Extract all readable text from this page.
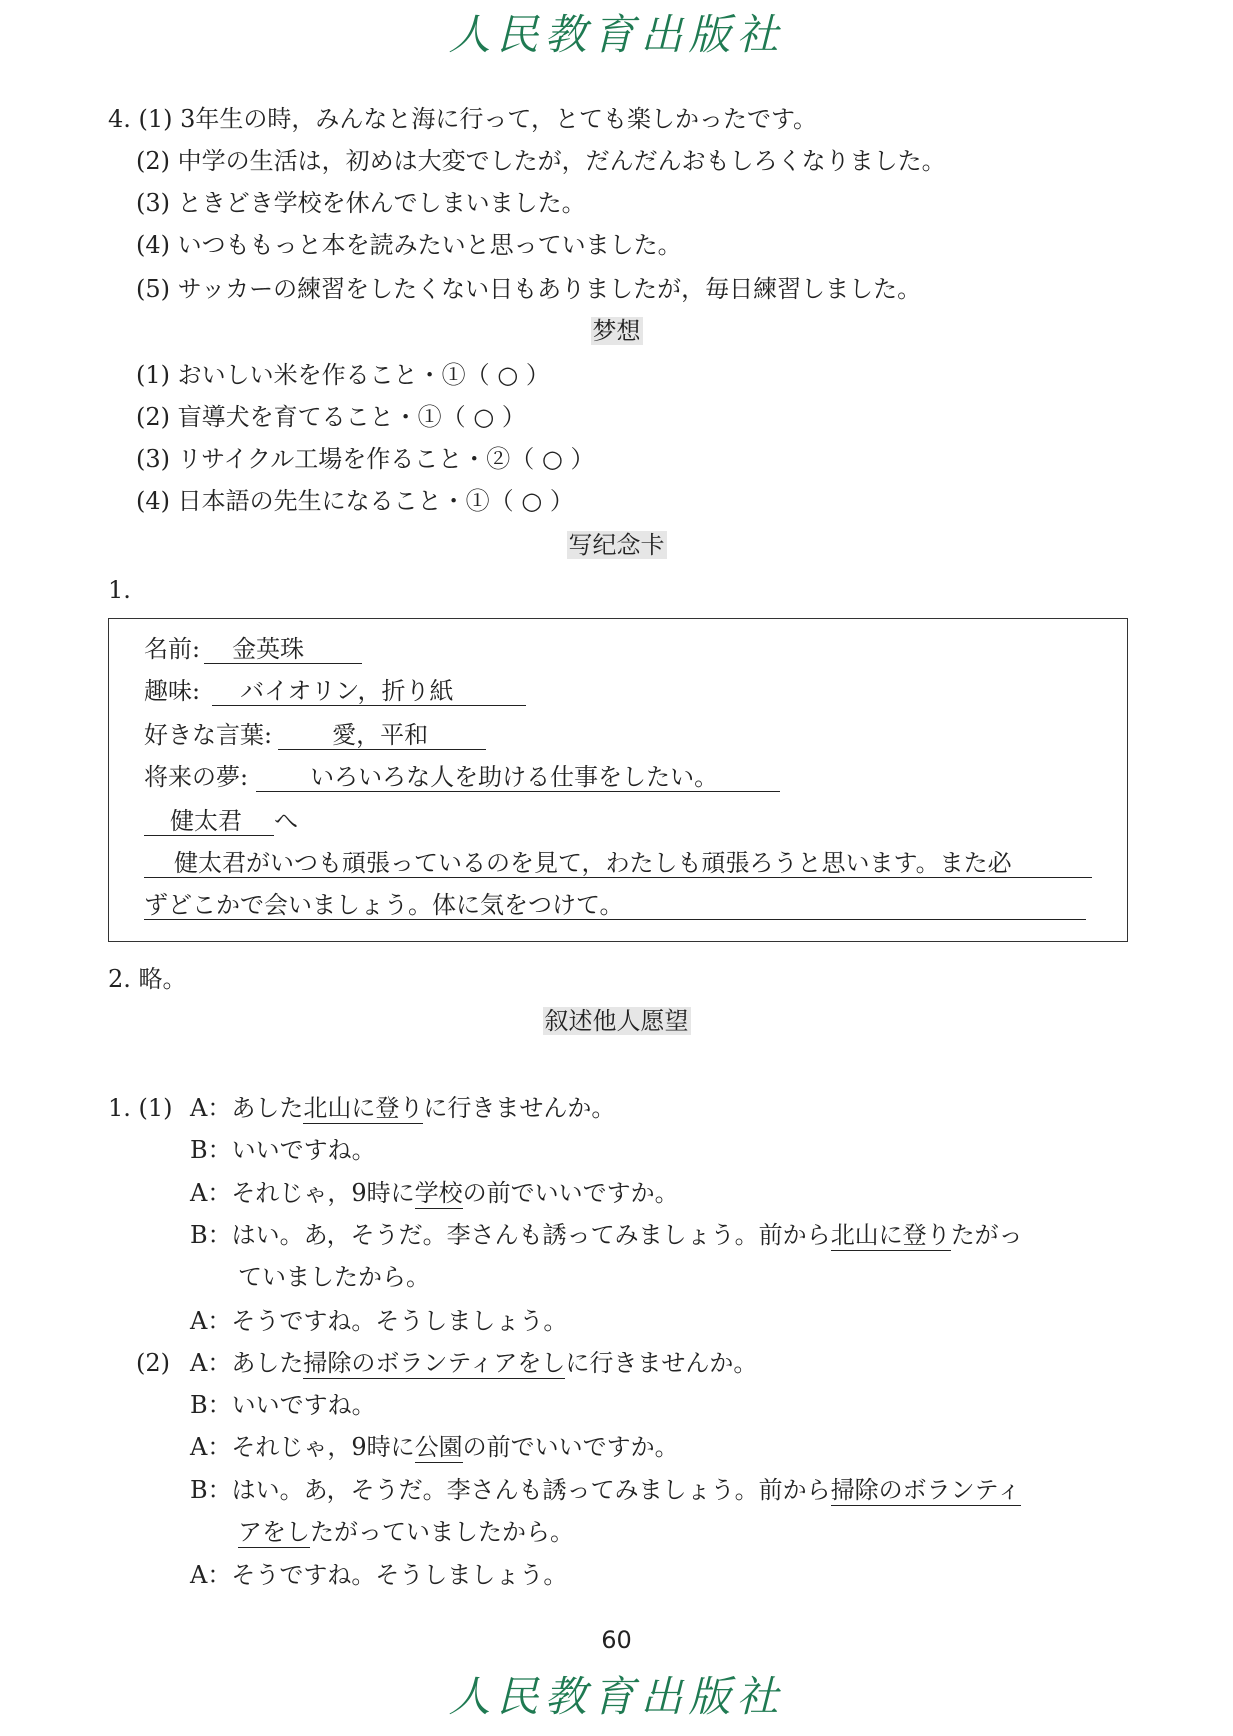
人民教育出版社
4. (1) 3年生の時，みんなと海に行って，とても楽しかったです。
(2) 中学の生活は，初めは大変でしたが，だんだんおもしろくなりました。
(3) ときどき学校を休んでしまいました。
(4) いつももっと本を読みたいと思っていました。
(5) サッカーの練習をしたくない日もありましたが，毎日練習しました。
梦想
(1) おいしい米を作ること・①（ ○ ）
(2) 盲導犬を育てること・①（ ○ ）
(3) リサイクル工場を作ること・②（ ○ ）
(4) 日本語の先生になること・①（ ○ ）
写纪念卡
1.
名前: 金英珠
趣味: バイオリン，折り紙
好きな言葉:	愛，平和
将来の夢:	いろいろな人を助ける仕事をしたい。
健太君 へ
健太君がいつも頑張っているのを見て，わたしも頑張ろうと思います。また必
ずどこかで会いましょう。体に気をつけて。
2. 略。
叙述他人愿望
1. (1) A：あした北山に登りに行きませんか。
B：いいですね。
A：それじゃ，9時に学校の前でいいですか。
B：はい。あ，そうだ。李さんも誘ってみましょう。前から北山に登りたがっ
ていましたから。
A：そうですね。そうしましょう。
(2) A：あした掃除のボランティアをしに行きませんか。
B：いいですね。
A：それじゃ，9時に公園の前でいいですか。
B：はい。あ，そうだ。李さんも誘ってみましょう。前から掃除のボランティ
アをしたがっていましたから。
A：そうですね。そうしましょう。
60
人民教育出版社
